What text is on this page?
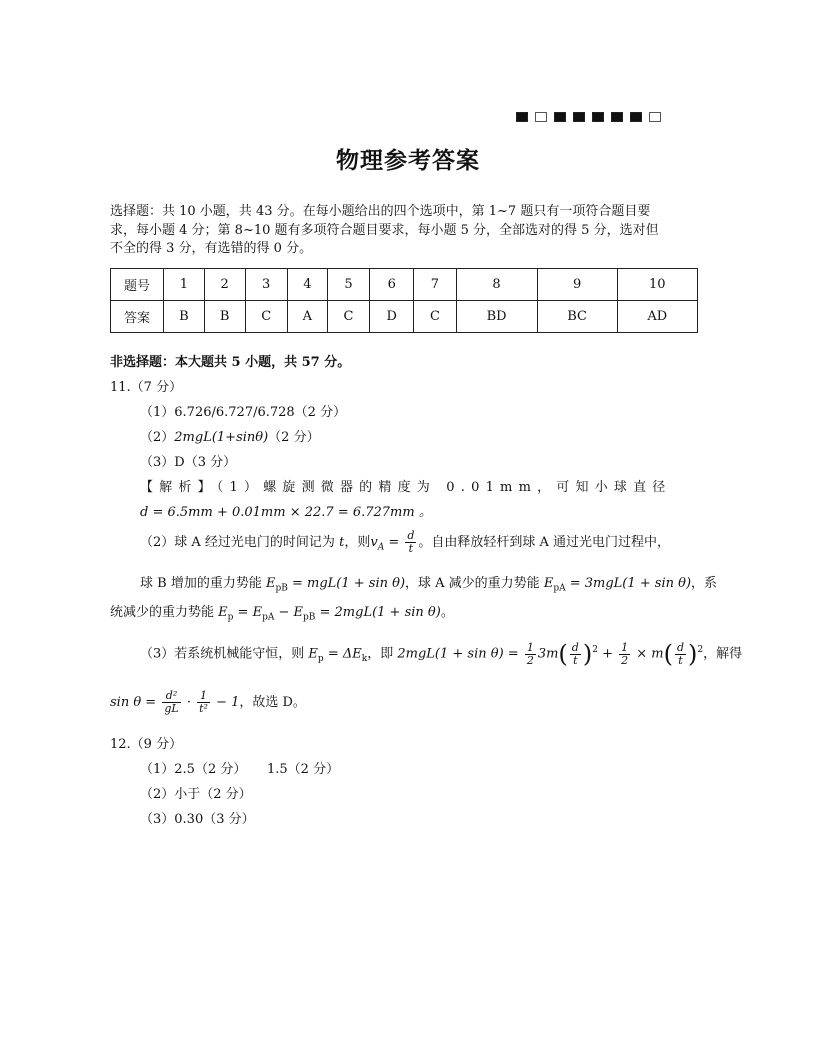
物理参考答案
选择题：共 10 小题，共 43 分。在每小题给出的四个选项中，第 1~7 题只有一项符合题目要
求，每小题 4 分；第 8~10 题有多项符合题目要求，每小题 5 分，全部选对的得 5 分，选对但
不全的得 3 分，有选错的得 0 分。
题号	1	2	3	4	5	6	7	8	9	10
答案	B	B	C	A	C	D	C	BD	BC	AD
非选择题：本大题共 5 小题，共 57 分。
11.（7 分）
（1）6.726/6.727/6.728（2 分）
（2）2mgL(1+sinθ)（2 分）
（3）D（3 分）
【解析】（1）螺旋测微器的精度为 0.01mm，可知小球直径
d = 6.5mm + 0.01mm × 22.7 = 6.727mm 。
（2）球 A 经过光电门的时间记为 t，则$v_A = \frac{d}{t}$ 。自由释放轻杆到球 A 通过光电门过程中，
球 B 增加的重力势能 $E_{pB} = mgL(1 + \sin \theta)$，球 A 减少的重力势能 $E_{pA} = 3mgL(1 + \sin \theta)$，系
统减少的重力势能 $E_p = E_{pA} - E_{pB} = 2mgL(1 + \sin \theta)$。
（3）若系统机械能守恒，则 $E_p = \Delta E_k$，即 $2mgL(1 + \sin \theta) = \frac{1}{2} 3m( \frac{d}{t} )^2 + \frac{1}{2} \times m( \frac{d}{t} )^2$，解得
$\sin \theta = \frac{\text{d²}}{gL} \cdot \frac{1}{\text{t²}} - 1$，故选 D。
12.（9 分）
（1）2.5（2 分） 1.5（2 分）
（2）小于（2 分）
（3）0.30（3 分）
